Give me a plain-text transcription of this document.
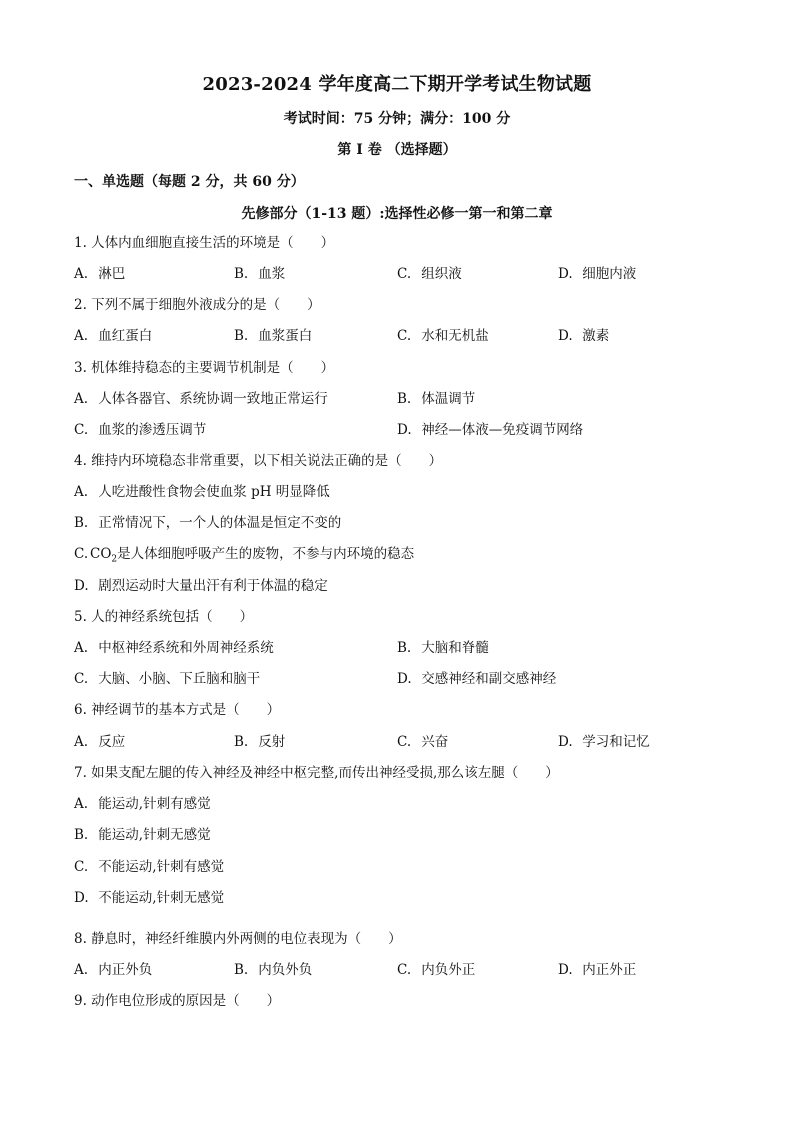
2023-2024 学年度高二下期开学考试生物试题
考试时间：75 分钟；满分：100 分
第 I 卷 （选择题）
一、单选题（每题 2 分，共 60 分）
先修部分（1-13 题）:选择性必修一第一和第二章
1. 人体内血细胞直接生活的环境是（　　）
A. 淋巴	B. 血浆	C. 组织液	D. 细胞内液
2. 下列不属于细胞外液成分的是（　　）
A. 血红蛋白	B. 血浆蛋白	C. 水和无机盐	D. 激素
3. 机体维持稳态的主要调节机制是（　　）
A. 人体各器官、系统协调一致地正常运行	B. 体温调节
C. 血浆的渗透压调节	D. 神经—体液—免疫调节网络
4. 维持内环境稳态非常重要，以下相关说法正确的是（　　）
A. 人吃进酸性食物会使血浆 pH 明显降低
B. 正常情况下，一个人的体温是恒定不变的
C. $CO_2$是人体细胞呼吸产生的废物，不参与内环境的稳态
D. 剧烈运动时大量出汗有利于体温的稳定
5. 人的神经系统包括（　　）
A. 中枢神经系统和外周神经系统	B. 大脑和脊髓
C. 大脑、小脑、下丘脑和脑干	D. 交感神经和副交感神经
6. 神经调节的基本方式是（　　）
A. 反应	B. 反射	C. 兴奋	D. 学习和记忆
7. 如果支配左腿的传入神经及神经中枢完整,而传出神经受损,那么该左腿（　　）
A. 能运动,针刺有感觉
B. 能运动,针刺无感觉
C. 不能运动,针刺有感觉
D. 不能运动,针刺无感觉
8. 静息时，神经纤维膜内外两侧的电位表现为（　　）
A. 内正外负	B. 内负外负	C. 内负外正	D. 内正外正
9. 动作电位形成的原因是（　　）
